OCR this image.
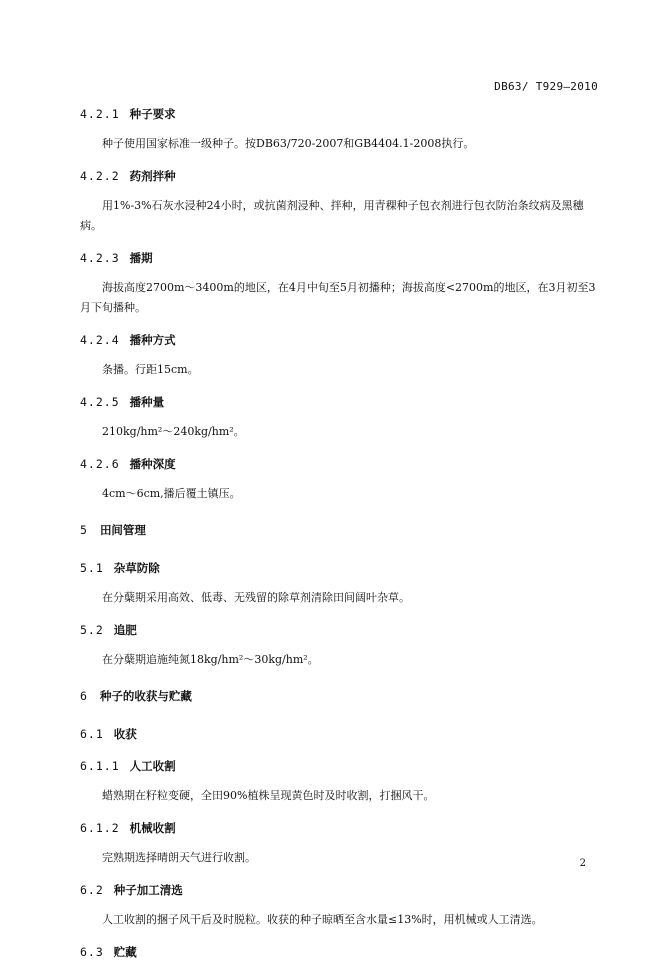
DB63/ T929—2010
4.2.1 种子要求

种子使用国家标准一级种子。按DB63/720-2007和GB4404.1-2008执行。

4.2.2 药剂拌种

用1%-3%石灰水浸种24小时，或抗菌剂浸种、拌种，用青稞种子包衣剂进行包衣防治条纹病及黑穗病。

4.2.3 播期

海拔高度2700m～3400m的地区，在4月中旬至5月初播种；海拔高度<2700m的地区，在3月初至3月下旬播种。

4.2.4 播种方式

条播。行距15cm。

4.2.5 播种量

210kg/hm²～240kg/hm²。

4.2.6 播种深度

4cm～6cm,播后覆土镇压。

5 田间管理
5.1 杂草防除

在分蘖期采用高效、低毒、无残留的除草剂清除田间阔叶杂草。

5.2 追肥

在分蘖期追施纯氮18kg/hm²～30kg/hm²。

6 种子的收获与贮藏
6.1 收获
6.1.1 人工收割

蜡熟期在籽粒变硬，全田90%植株呈现黄色时及时收割，打捆风干。

6.1.2 机械收割

完熟期选择晴朗天气进行收割。

6.2 种子加工清选

人工收割的捆子风干后及时脱粒。收获的种子晾晒至含水量≤13%时，用机械或人工清选。

6.3 贮藏
2
